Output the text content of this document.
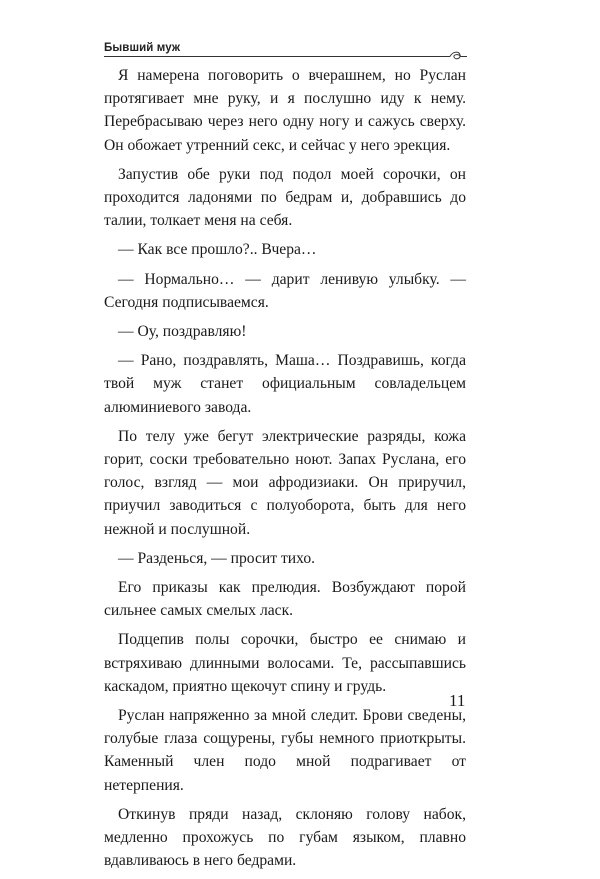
Бывший муж

Я намерена поговорить о вчерашнем, но Руслан протягивает мне руку, и я послушно иду к нему. Перебрасываю через него одну ногу и сажусь сверху. Он обожает утренний секс, и сейчас у него эрекция.

Запустив обе руки под подол моей сорочки, он проходится ладонями по бедрам и, добравшись до талии, толкает меня на себя.

— Как все прошло?.. Вчера…

— Нормально… — дарит ленивую улыбку. — Сегодня подписываемся.

— Оу, поздравляю!

— Рано, поздравлять, Маша… Поздравишь, когда твой муж станет официальным совладельцем алюминиевого завода.

По телу уже бегут электрические разряды, кожа горит, соски требовательно ноют. Запах Руслана, его голос, взгляд — мои афродизиаки. Он приручил, приучил заводиться с полуоборота, быть для него нежной и послушной.

— Разденься, — просит тихо.

Его приказы как прелюдия. Возбуждают порой сильнее самых смелых ласк.

Подцепив полы сорочки, быстро ее снимаю и встряхиваю длинными волосами. Те, рассыпавшись каскадом, приятно щекочут спину и грудь.

Руслан напряженно за мной следит. Брови сведены, голубые глаза сощурены, губы немного приоткрыты. Каменный член подо мной подрагивает от нетерпения.

Откинув пряди назад, склоняю голову набок, медленно прохожусь по губам языком, плавно вдавливаюсь в него бедрами.

11
